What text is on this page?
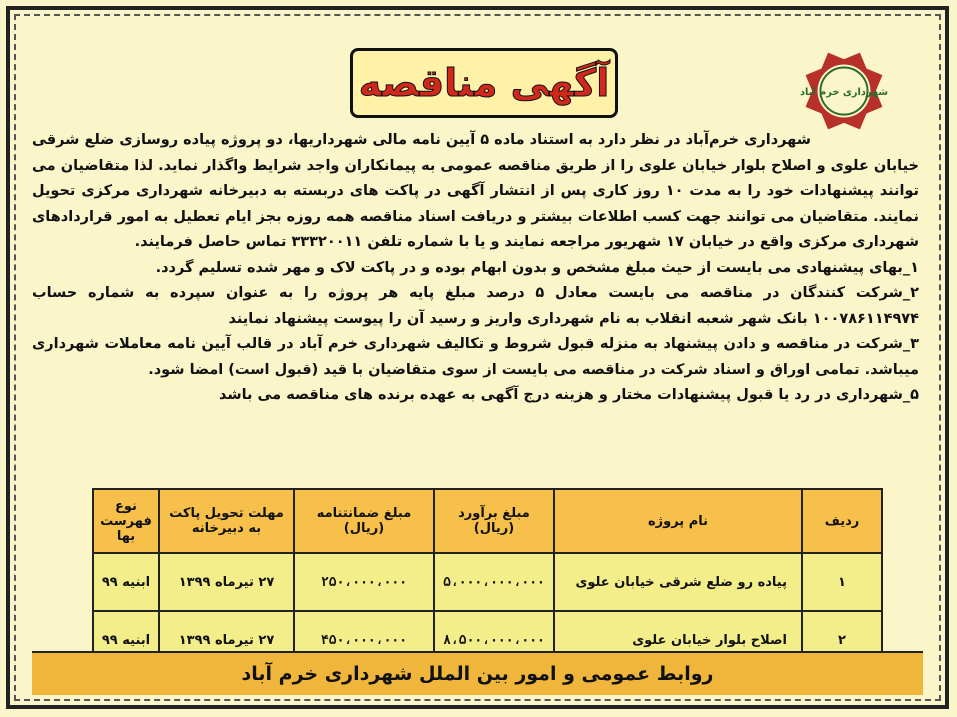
شهرداری خرم آباد
آگهی مناقصه

شهرداری خرم‌آباد در نظر دارد به استناد ماده ۵ آیین نامه مالی شهرداریها، دو پروژه پیاده روسازی ضلع شرقی خیابان علوی و اصلاح بلوار خیابان علوی را از طریق مناقصه عمومی به پیمانکاران واجد شرایط واگذار نماید. لذا متقاضیان می توانند پیشنهادات خود را به مدت ۱۰ روز کاری پس از انتشار آگهی در پاکت های دربسته به دبیرخانه شهرداری مرکزی تحویل نمایند. متقاضیان می توانند جهت کسب اطلاعات بیشتر و دریافت اسناد مناقصه همه روزه بجز ایام تعطیل به امور قراردادهای شهرداری مرکزی واقع در خیابان ۱۷ شهریور مراجعه نمایند و یا با شماره تلفن ۳۳۳۲۰۰۱۱ تماس حاصل فرمایند.

۱_بهای پیشنهادی می بایست از حیث مبلغ مشخص و بدون ابهام بوده و در پاکت لاک و مهر شده تسلیم گردد.

۲_شرکت کنندگان در مناقصه می بایست معادل ۵ درصد مبلغ پایه هر پروژه را به عنوان سپرده به شماره حساب ۱۰۰۷۸۶۱۱۴۹۷۴ بانک شهر شعبه انقلاب به نام شهرداری واریز و رسید آن را پیوست پیشنهاد نمایند

۳_شرکت در مناقصه و دادن پیشنهاد به منزله قبول شروط و تکالیف شهرداری خرم آباد در قالب آیین نامه معاملات شهرداری میباشد. تمامی اوراق و اسناد شرکت در مناقصه می بایست از سوی متقاضیان با قید (قبول است) امضا شود.

۵_شهرداری در رد یا قبول پیشنهادات مختار و هزینه درج آگهی به عهده برنده های مناقصه می باشد

ردیف	نام پروژه	مبلغ برآورد (ریال)	مبلغ ضمانتنامه (ریال)	مهلت تحویل پاکت به دبیرخانه	نوع فهرست بها
۱	پیاده رو ضلع شرقی خیابان علوی	۵،۰۰۰،۰۰۰،۰۰۰	۲۵۰،۰۰۰،۰۰۰	۲۷ تیرماه ۱۳۹۹	ابنیه ۹۹
۲	اصلاح بلوار خیابان علوی	۸،۵۰۰،۰۰۰،۰۰۰	۴۵۰،۰۰۰،۰۰۰	۲۷ تیرماه ۱۳۹۹	ابنیه ۹۹
روابط عمومی و امور بین الملل شهرداری خرم آباد
